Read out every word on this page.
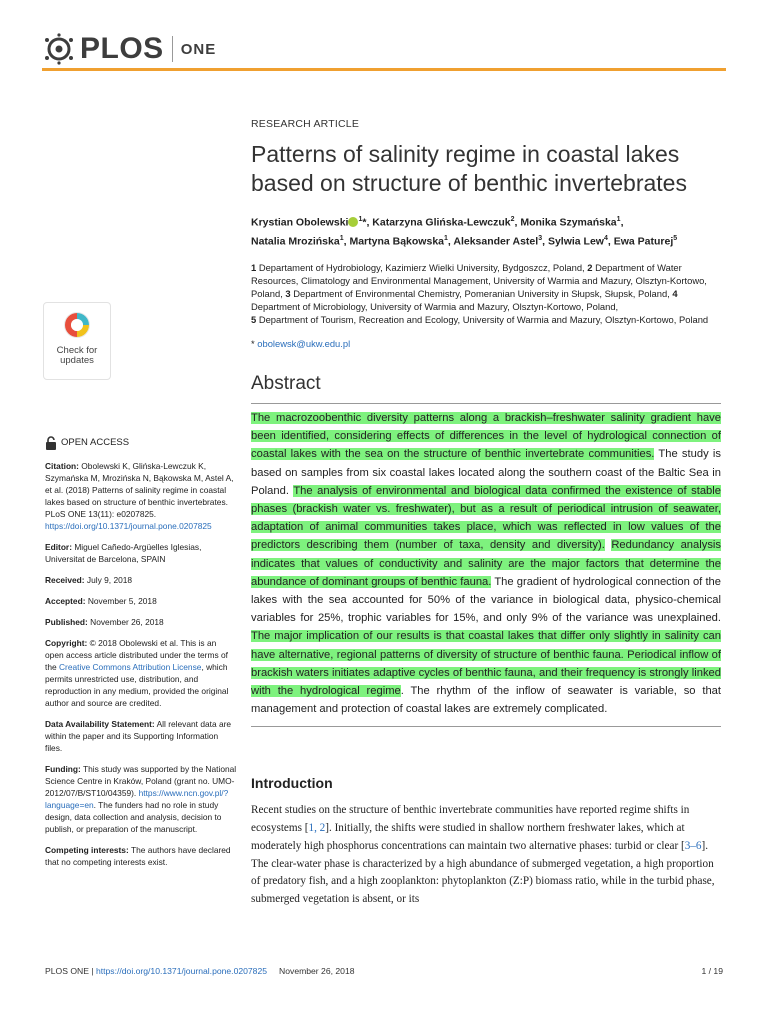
PLOS ONE
Check for
updates
OPEN ACCESS
Citation: Obolewski K, Glińska-Lewczuk K, Szymańska M, Mrozińska N, Bąkowska M, Astel A, et al. (2018) Patterns of salinity regime in coastal lakes based on structure of benthic invertebrates. PLoS ONE 13(11): e0207825. https://doi.org/10.1371/journal.pone.0207825
Editor: Miguel Cañedo-Argüelles Iglesias, Universitat de Barcelona, SPAIN
Received: July 9, 2018
Accepted: November 5, 2018
Published: November 26, 2018
Copyright: © 2018 Obolewski et al. This is an open access article distributed under the terms of the Creative Commons Attribution License, which permits unrestricted use, distribution, and reproduction in any medium, provided the original author and source are credited.
Data Availability Statement: All relevant data are within the paper and its Supporting Information files.
Funding: This study was supported by the National Science Centre in Kraków, Poland (grant no. UMO-2012/07/B/ST10/04359). https://www.ncn.gov.pl/?language=en. The funders had no role in study design, data collection and analysis, decision to publish, or preparation of the manuscript.
Competing interests: The authors have declared that no competing interests exist.
RESEARCH ARTICLE
Patterns of salinity regime in coastal lakes based on structure of benthic invertebrates
Krystian Obolewski $^1$*, Katarzyna Glińska-Lewczuk$^2$, Monika Szymańska$^1$,
Natalia Mrozińska$^1$, Martyna Bąkowska$^1$, Aleksander Astel$^3$, Sylwia Lew$^4$, Ewa Paturej$^5$
1 Departament of Hydrobiology, Kazimierz Wielki University, Bydgoszcz, Poland, 2 Department of Water Resources, Climatology and Environmental Management, University of Warmia and Mazury, Olsztyn-Kortowo, Poland, 3 Department of Environmental Chemistry, Pomeranian University in Słupsk, Słupsk, Poland, 4 Department of Microbiology, University of Warmia and Mazury, Olsztyn-Kortowo, Poland,
5 Department of Tourism, Recreation and Ecology, University of Warmia and Mazury, Olsztyn-Kortowo, Poland
* obolewsk@ukw.edu.pl
Abstract
The macrozoobenthic diversity patterns along a brackish–freshwater salinity gradient have been identified, considering effects of differences in the level of hydrological connection of coastal lakes with the sea on the structure of benthic invertebrate communities. The study is based on samples from six coastal lakes located along the southern coast of the Baltic Sea in Poland. The analysis of environmental and biological data confirmed the existence of stable phases (brackish water vs. freshwater), but as a result of periodical intrusion of seawater, adaptation of animal communities takes place, which was reflected in low values of the predictors describing them (number of taxa, density and diversity). Redundancy analysis indicates that values of conductivity and salinity are the major factors that determine the abundance of dominant groups of benthic fauna. The gradient of hydrological connection of the lakes with the sea accounted for 50% of the variance in biological data, physico-chemical variables for 25%, trophic variables for 15%, and only 9% of the variance was unexplained. The major implication of our results is that coastal lakes that differ only slightly in salinity can have alternative, regional patterns of diversity of structure of benthic fauna. Periodical inflow of brackish waters initiates adaptive cycles of benthic fauna, and their frequency is strongly linked with the hydrological regime. The rhythm of the inflow of seawater is variable, so that management and protection of coastal lakes are extremely complicated.
Introduction
Recent studies on the structure of benthic invertebrate communities have reported regime shifts in ecosystems [1, 2]. Initially, the shifts were studied in shallow northern freshwater lakes, which at moderately high phosphorus concentrations can maintain two alternative phases: turbid or clear [3–6]. The clear-water phase is characterized by a high abundance of submerged vegetation, a high proportion of predatory fish, and a high zooplankton: phytoplankton (Z:P) biomass ratio, while in the turbid phase, submerged vegetation is absent, or its
PLOS ONE | https://doi.org/10.1371/journal.pone.0207825 November 26, 2018	1 / 19
